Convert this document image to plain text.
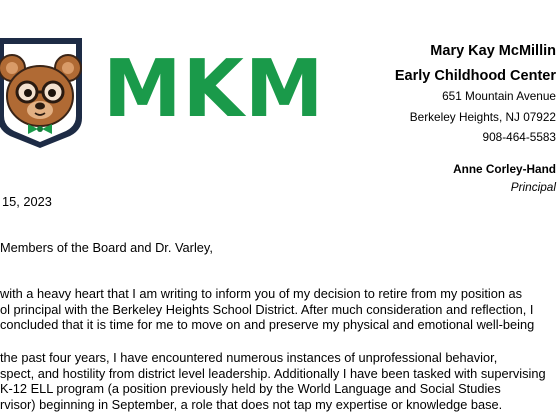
MKM	Mary Kay McMillin
Early Childhood Center
651 Mountain Avenue
Berkeley Heights, NJ 07922
908-464-5583
Anne Corley-Hand
Principal
15, 2023
Members of the Board and Dr. Varley,
with a heavy heart that I am writing to inform you of my decision to retire from my position as
ol principal with the Berkeley Heights School District. After much consideration and reflection, I
concluded that it is time for me to move on and preserve my physical and emotional well-being
the past four years, I have encountered numerous instances of unprofessional behavior,
spect, and hostility from district level leadership. Additionally I have been tasked with supervising
K-12 ELL program (a position previously held by the World Language and Social Studies
rvisor) beginning in September, a role that does not tap my expertise or knowledge base.
